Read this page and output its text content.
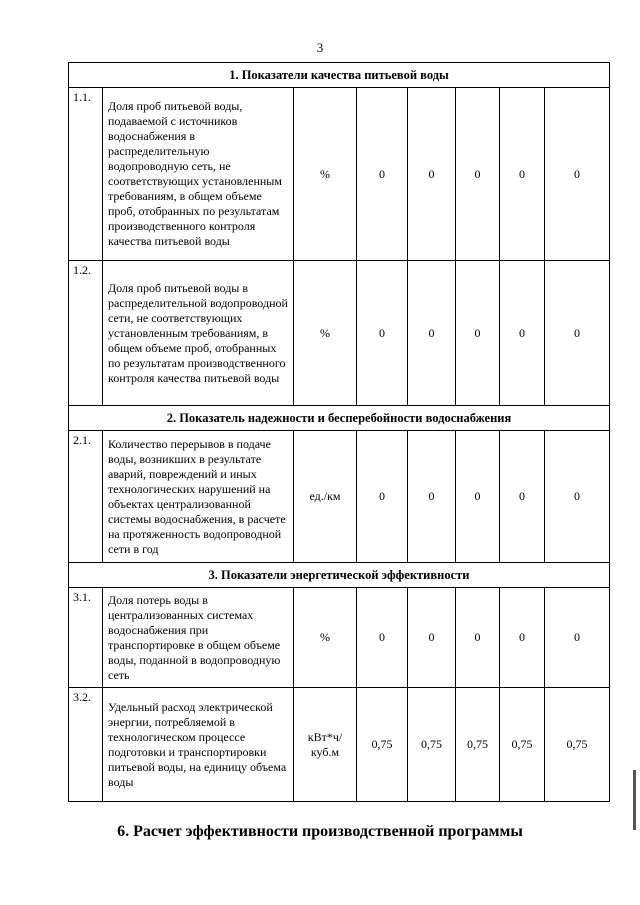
3
1. Показатели качества питьевой воды							
1.1.	Доля проб питьевой воды, подаваемой с источников водоснабжения в распределительную водопроводную сеть, не соответствующих установленным требованиям, в общем объеме проб, отобранных по результатам производственного контроля качества питьевой воды	%	0	0	0	0	0
1.2.	Доля проб питьевой воды в распределительной водопроводной сети, не соответствующих установленным требованиям, в общем объеме проб, отобранных по результатам производственного контроля качества питьевой воды	%	0	0	0	0	0
2. Показатель надежности и бесперебойности водоснабжения							
2.1.	Количество перерывов в подаче воды, возникших в результате аварий, повреждений и иных технологических нарушений на объектах централизованной системы водоснабжения, в расчете на протяженность водопроводной сети в год	ед./км	0	0	0	0	0
3. Показатели энергетической эффективности							
3.1.	Доля потерь воды в централизованных системах водоснабжения при транспортировке в общем объеме воды, поданной в водопроводную сеть	%	0	0	0	0	0
3.2.	Удельный расход электрической энергии, потребляемой в технологическом процессе подготовки и транспортировки питьевой воды, на единицу объема воды	кВт*ч/ куб.м	0,75	0,75	0,75	0,75	0,75
6. Расчет эффективности производственной программы
